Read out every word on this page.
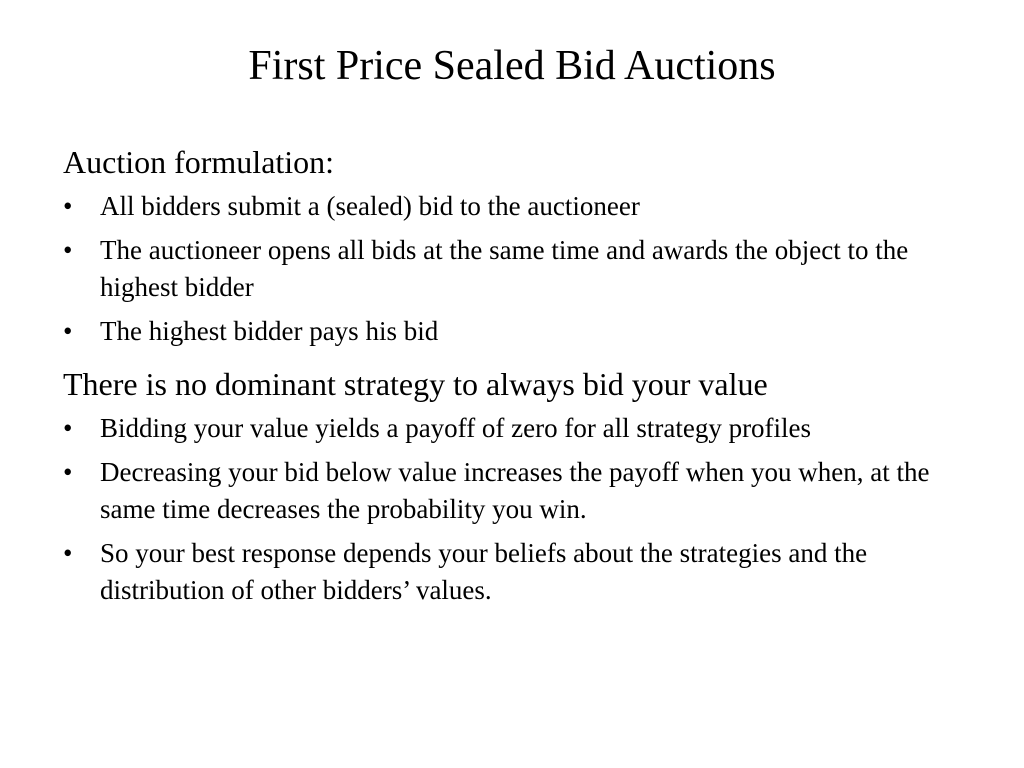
First Price Sealed Bid Auctions
Auction formulation:
• All bidders submit a (sealed) bid to the auctioneer
• The auctioneer opens all bids at the same time and awards the object to the highest bidder
• The highest bidder pays his bid
There is no dominant strategy to always bid your value
• Bidding your value yields a payoff of zero for all strategy profiles
• Decreasing your bid below value increases the payoff when you when, at the same time decreases the probability you win.
• So your best response depends your beliefs about the strategies and the distribution of other bidders’ values.
